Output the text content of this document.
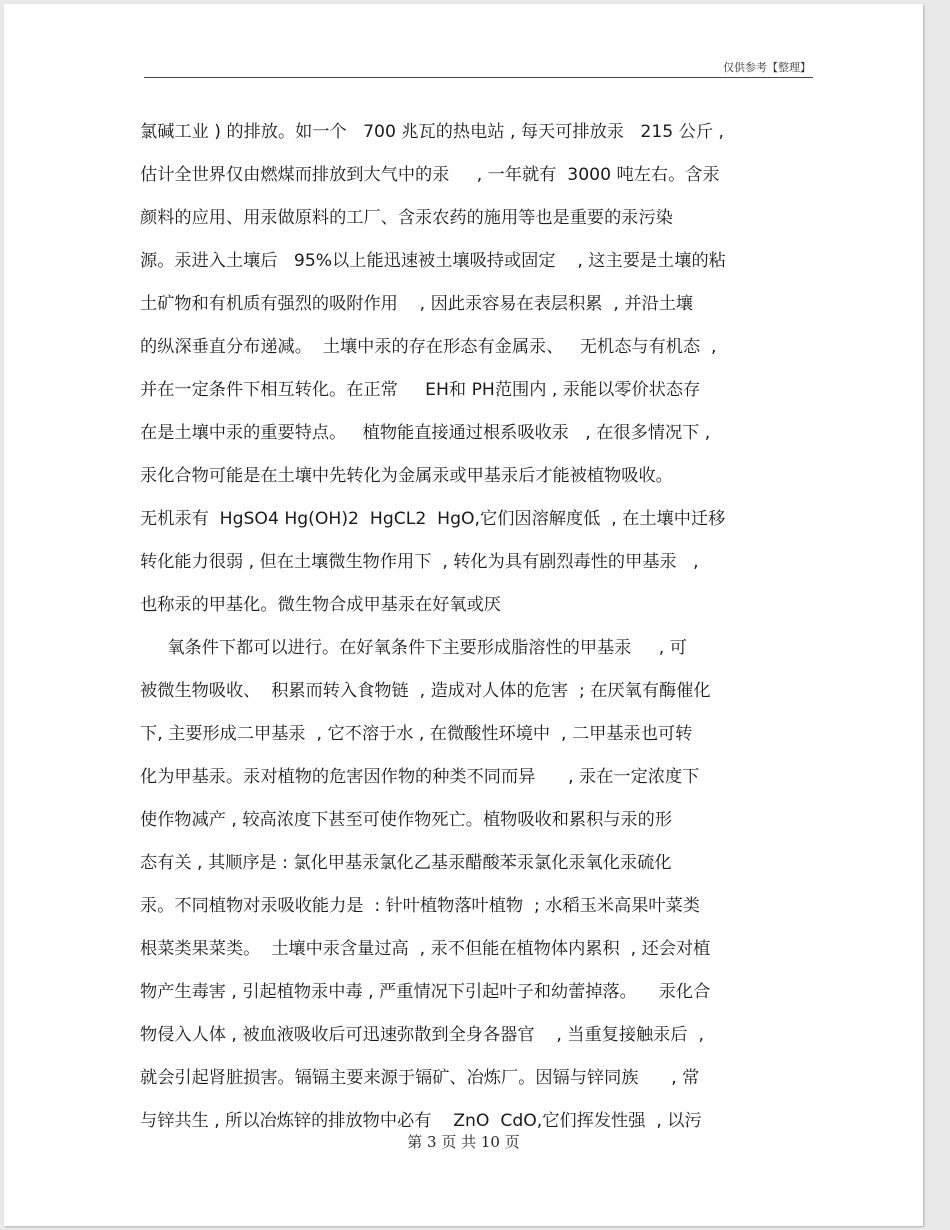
仅供参考【整理】
氯碱工业 ) 的排放。如一个   700 兆瓦的热电站 , 每天可排放汞   215 公斤 ,
估计全世界仅由燃煤而排放到大气中的汞     , 一年就有  3000 吨左右。含汞
颜料的应用、用汞做原料的工厂、含汞农药的施用等也是重要的汞污染
源。汞进入土壤后   95%以上能迅速被土壤吸持或固定    , 这主要是土壤的粘
土矿物和有机质有强烈的吸附作用    , 因此汞容易在表层积累  , 并沿土壤
的纵深垂直分布递减。  土壤中汞的存在形态有金属汞、   无机态与有机态  ,
并在一定条件下相互转化。在正常     EH和 PH范围内 , 汞能以零价状态存
在是土壤中汞的重要特点。   植物能直接通过根系吸收汞   , 在很多情况下 ,
汞化合物可能是在土壤中先转化为金属汞或甲基汞后才能被植物吸收。
无机汞有  HgSO4 Hg(OH)2  HgCL2  HgO,它们因溶解度低  , 在土壤中迁移
转化能力很弱 , 但在土壤微生物作用下  , 转化为具有剧烈毒性的甲基汞   ,
也称汞的甲基化。微生物合成甲基汞在好氧或厌
氧条件下都可以进行。在好氧条件下主要形成脂溶性的甲基汞     , 可
被微生物吸收、  积累而转入食物链  , 造成对人体的危害  ; 在厌氧有酶催化
下, 主要形成二甲基汞  , 它不溶于水 , 在微酸性环境中  , 二甲基汞也可转
化为甲基汞。汞对植物的危害因作物的种类不同而异      , 汞在一定浓度下
使作物减产 , 较高浓度下甚至可使作物死亡。植物吸收和累积与汞的形
态有关 , 其顺序是 : 氯化甲基汞氯化乙基汞醋酸苯汞氯化汞氧化汞硫化
汞。不同植物对汞吸收能力是  : 针叶植物落叶植物  ; 水稻玉米高果叶菜类
根菜类果菜类。  土壤中汞含量过高  , 汞不但能在植物体内累积  , 还会对植
物产生毒害 , 引起植物汞中毒 , 严重情况下引起叶子和幼蕾掉落。    汞化合
物侵入人体 , 被血液吸收后可迅速弥散到全身各器官    , 当重复接触汞后  ,
就会引起肾脏损害。镉镉主要来源于镉矿、冶炼厂。因镉与锌同族      , 常
与锌共生 , 所以冶炼锌的排放物中必有    ZnO  CdO,它们挥发性强  , 以污
第 3 页 共 10 页
